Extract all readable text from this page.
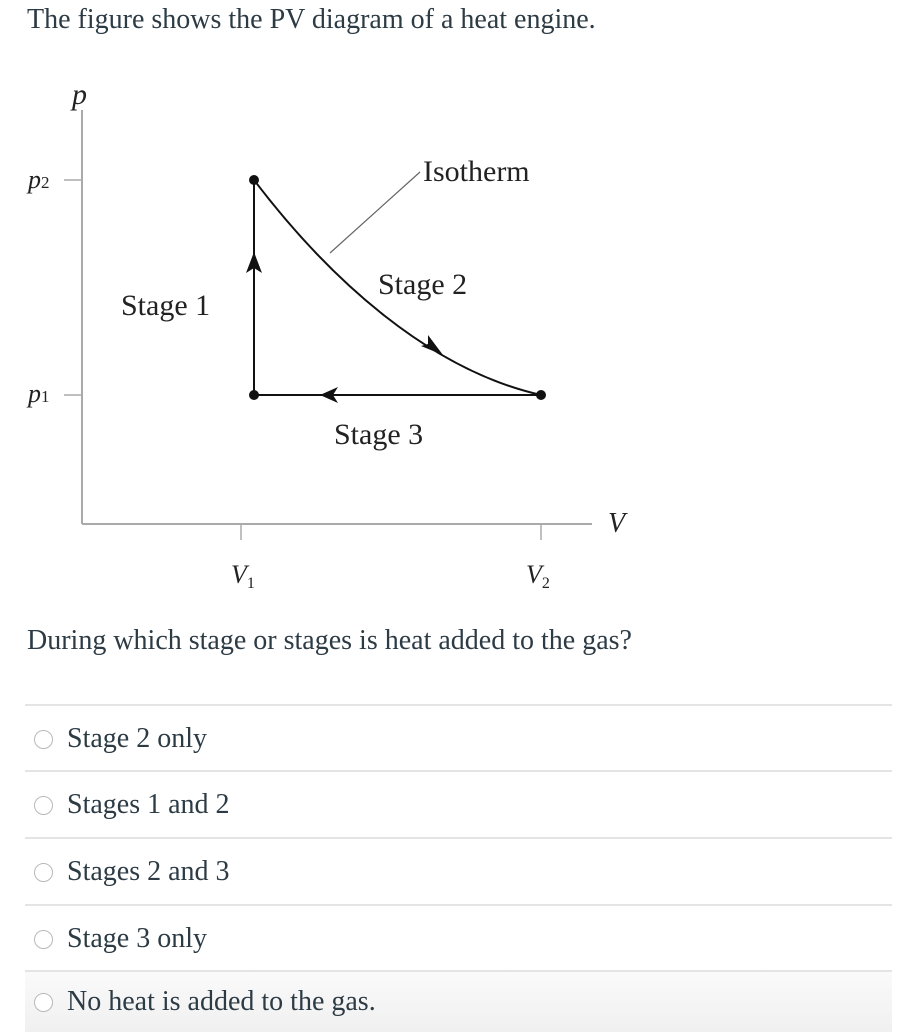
The figure shows the PV diagram of a heat engine.
p
V
p2
p1
V1	V2
Isotherm
Stage 2
Stage 1
Stage 3
During which stage or stages is heat added to the gas?
Stage 2 only
Stages 1 and 2
Stages 2 and 3
Stage 3 only
No heat is added to the gas.
